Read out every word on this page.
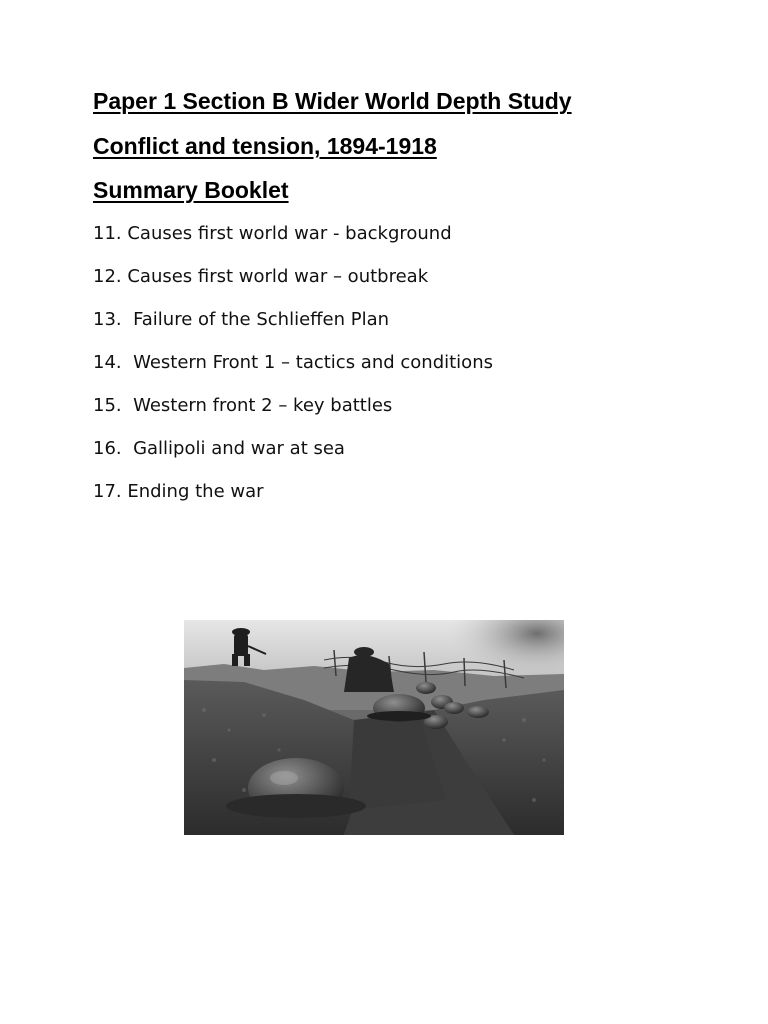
Paper 1 Section B Wider World Depth Study
Conflict and tension, 1894-1918
Summary Booklet
11. Causes first world war - background
12. Causes first world war – outbreak
13.  Failure of the Schlieffen Plan
14.  Western Front 1 – tactics and conditions
15.  Western front 2 – key battles
16.  Gallipoli and war at sea
17. Ending the war
